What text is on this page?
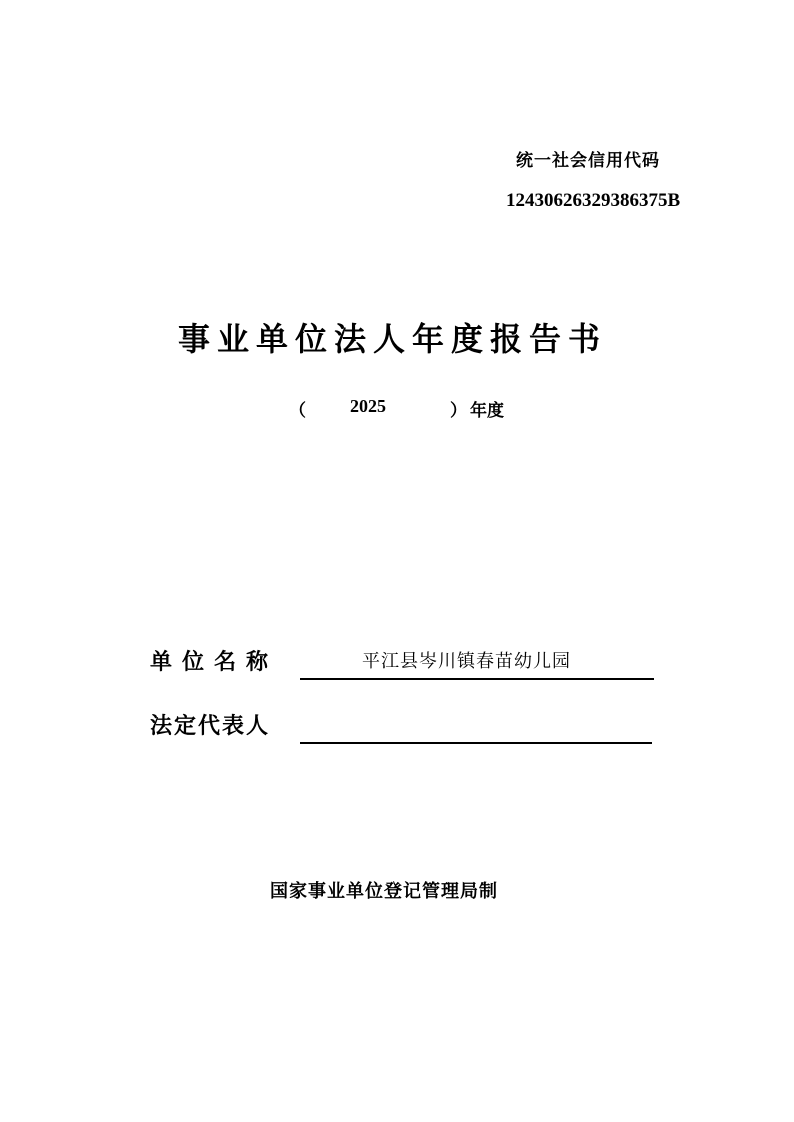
统一社会信用代码
12430626329386375B
事业单位法人年度报告书
（ 2025	） 年度
单位名称	平江县岑川镇春苗幼儿园
法定代表人
国家事业单位登记管理局制
